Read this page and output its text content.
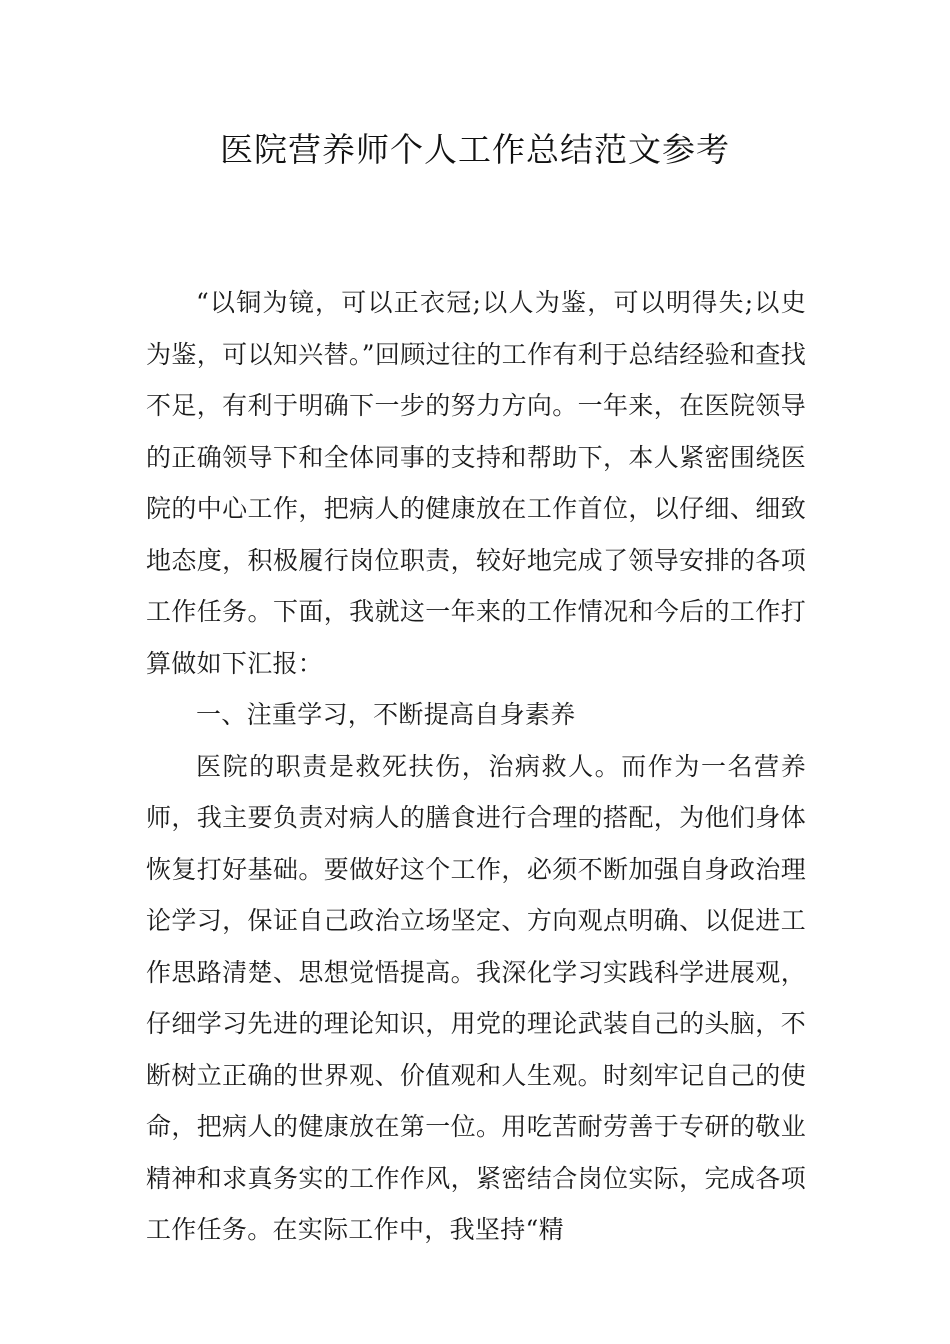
医院营养师个人工作总结范文参考

“以铜为镜，可以正衣冠;以人为鉴，可以明得失;以史为鉴，可以知兴替。”回顾过往的工作有利于总结经验和查找不足，有利于明确下一步的努力方向。一年来，在医院领导的正确领导下和全体同事的支持和帮助下，本人紧密围绕医院的中心工作，把病人的健康放在工作首位，以仔细、细致地态度，积极履行岗位职责，较好地完成了领导安排的各项工作任务。下面，我就这一年来的工作情况和今后的工作打算做如下汇报：

一、注重学习，不断提高自身素养

医院的职责是救死扶伤，治病救人。而作为一名营养师，我主要负责对病人的膳食进行合理的搭配，为他们身体恢复打好基础。要做好这个工作，必须不断加强自身政治理论学习，保证自己政治立场坚定、方向观点明确、以促进工作思路清楚、思想觉悟提高。我深化学习实践科学进展观，仔细学习先进的理论知识，用党的理论武装自己的头脑，不断树立正确的世界观、价值观和人生观。时刻牢记自己的使命，把病人的健康放在第一位。用吃苦耐劳善于专研的敬业精神和求真务实的工作作风，紧密结合岗位实际，完成各项工作任务。在实际工作中，我坚持“精
